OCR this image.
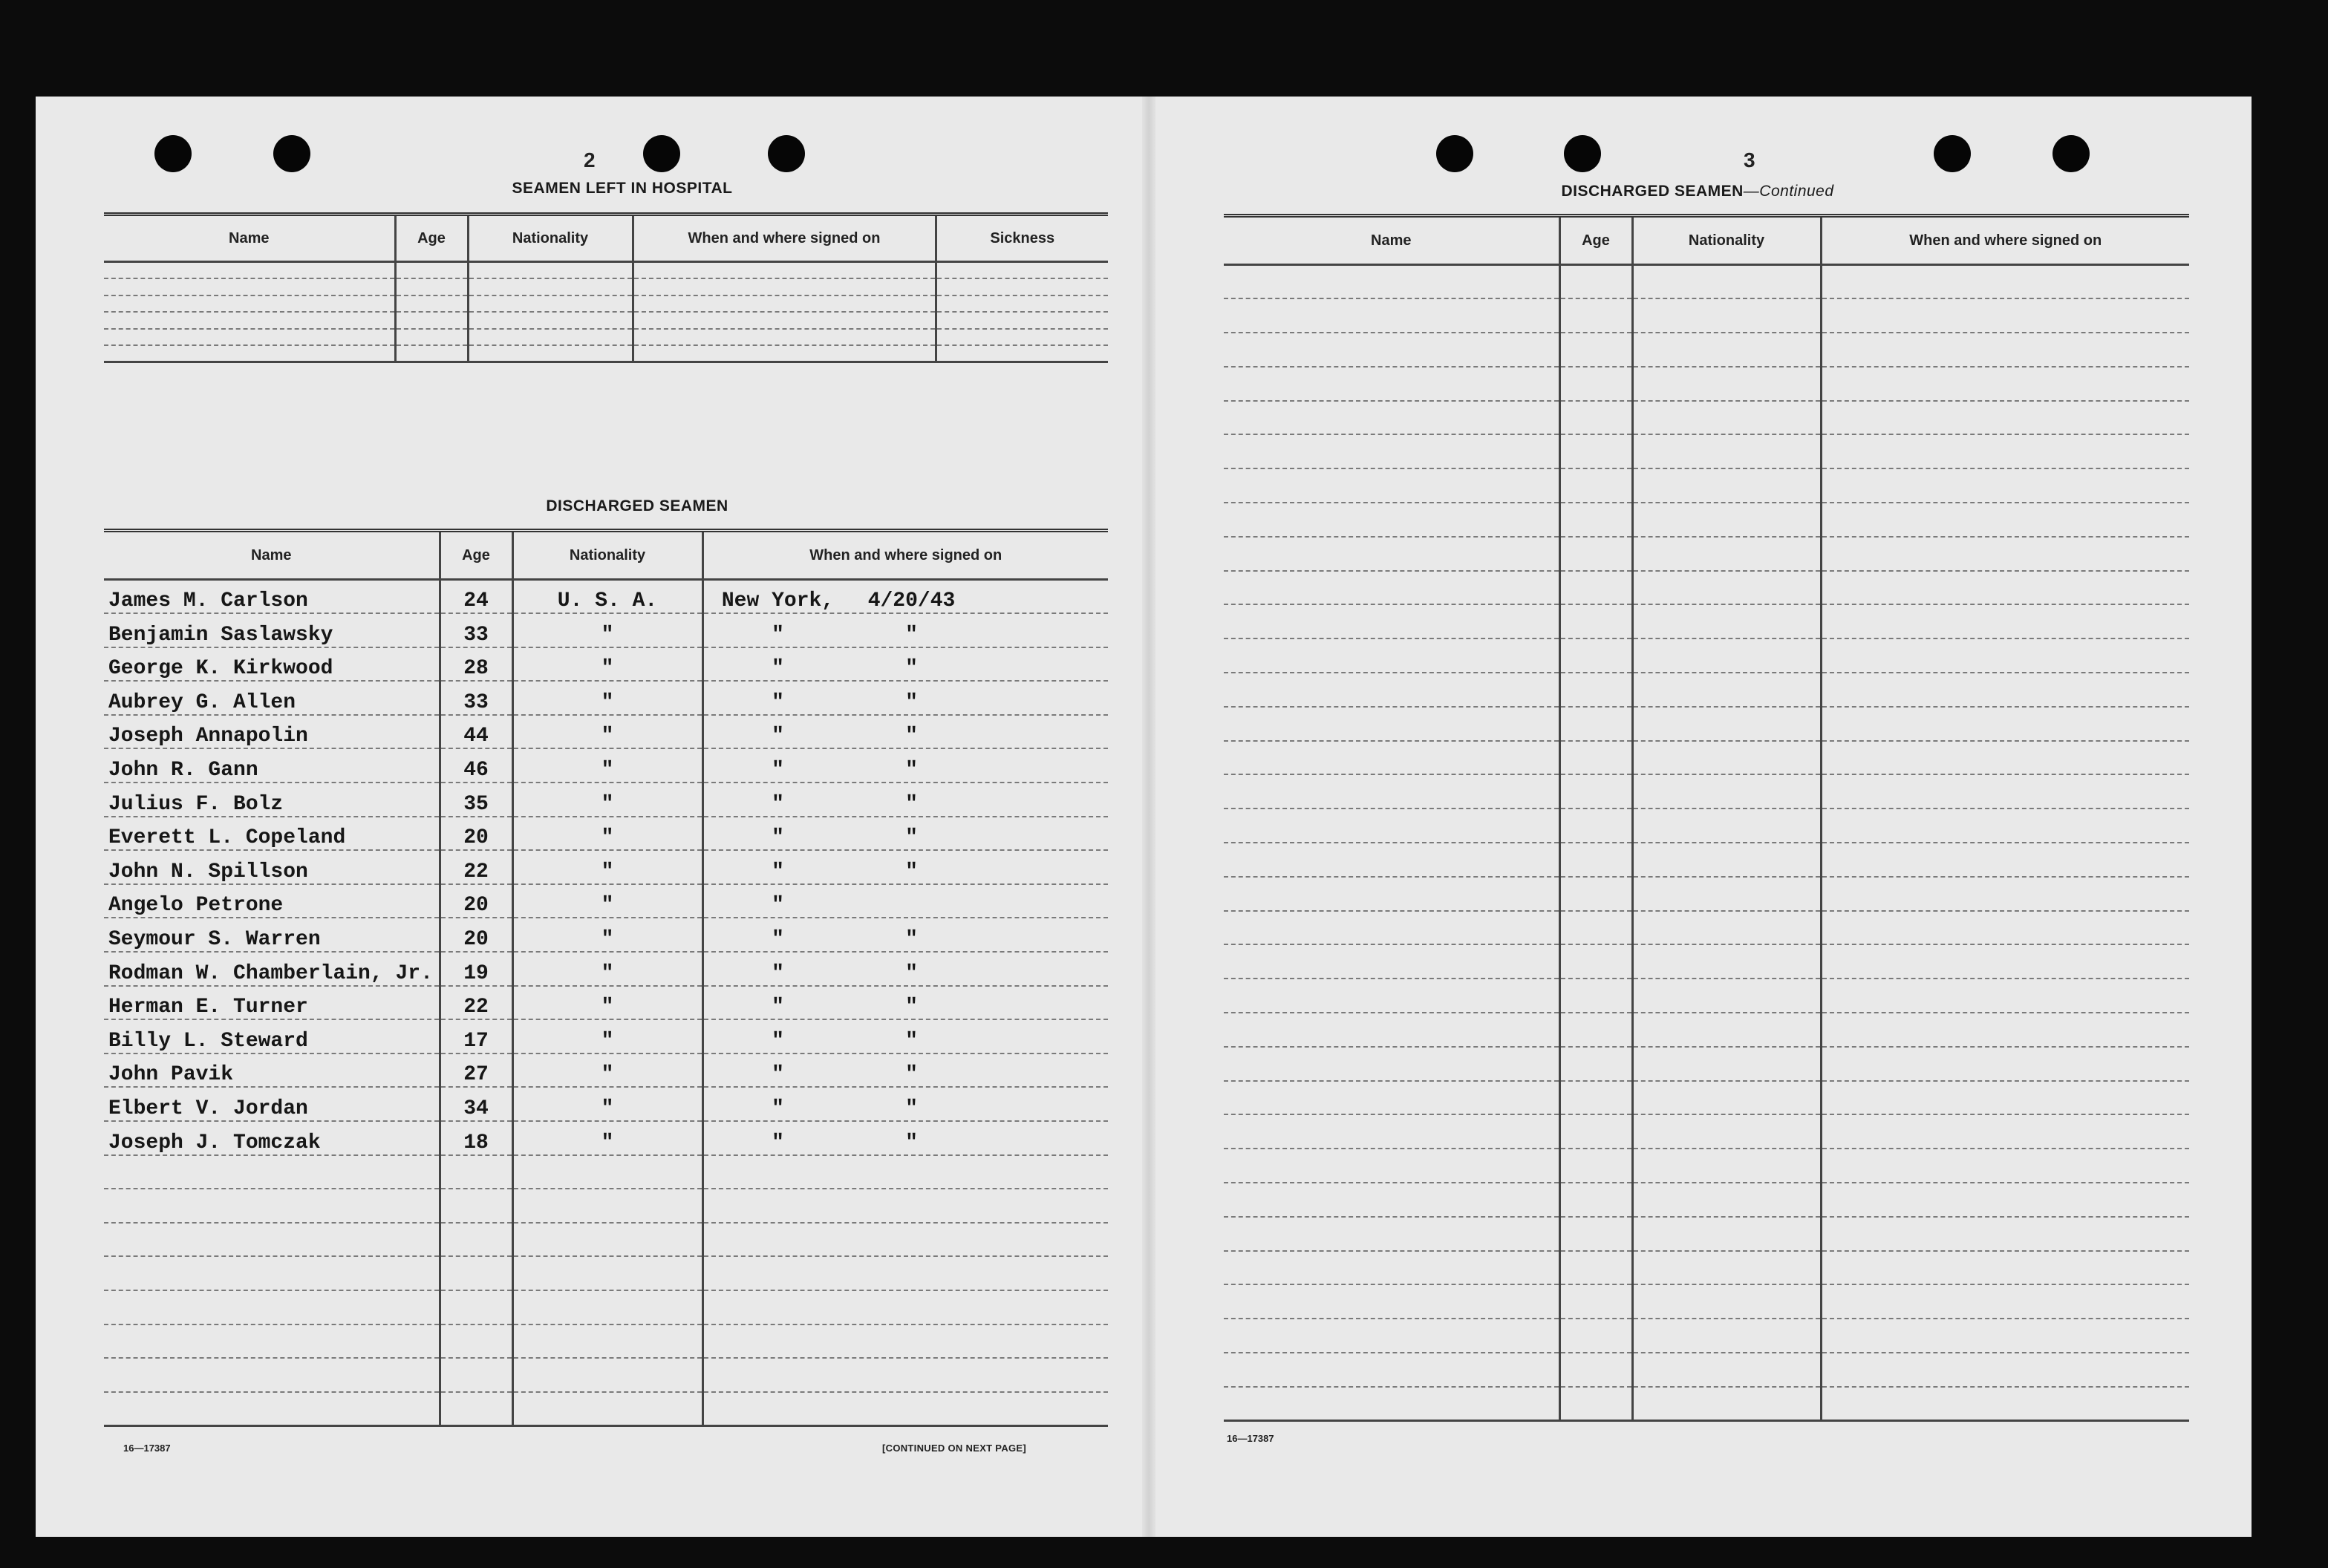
2
SEAMEN LEFT IN HOSPITAL
Name	Age	Nationality	When and where signed on	Sickness

DISCHARGED SEAMEN
Name	Age	Nationality	When and where signed on
James M. Carlson	24	U. S. A.	New York, 4/20/43
Benjamin Saslawsky	33	"	" "
George K. Kirkwood	28	"	" "
Aubrey G. Allen	33	"	" "
Joseph Annapolin	44	"	" "
John R. Gann	46	"	" "
Julius F. Bolz	35	"	" "
Everett L. Copeland	20	"	" "
John N. Spillson	22	"	" "
Angelo Petrone	20	"	"
Seymour S. Warren	20	"	" "
Rodman W. Chamberlain, Jr.	19	"	" "
Herman E. Turner	22	"	" "
Billy L. Steward	17	"	" "
John Pavik	27	"	" "
Elbert V. Jordan	34	"	" "
Joseph J. Tomczak	18	"	" "

16—17387	[CONTINUED ON NEXT PAGE]
3
DISCHARGED SEAMEN—Continued
Name	Age	Nationality	When and where signed on

16—17387
